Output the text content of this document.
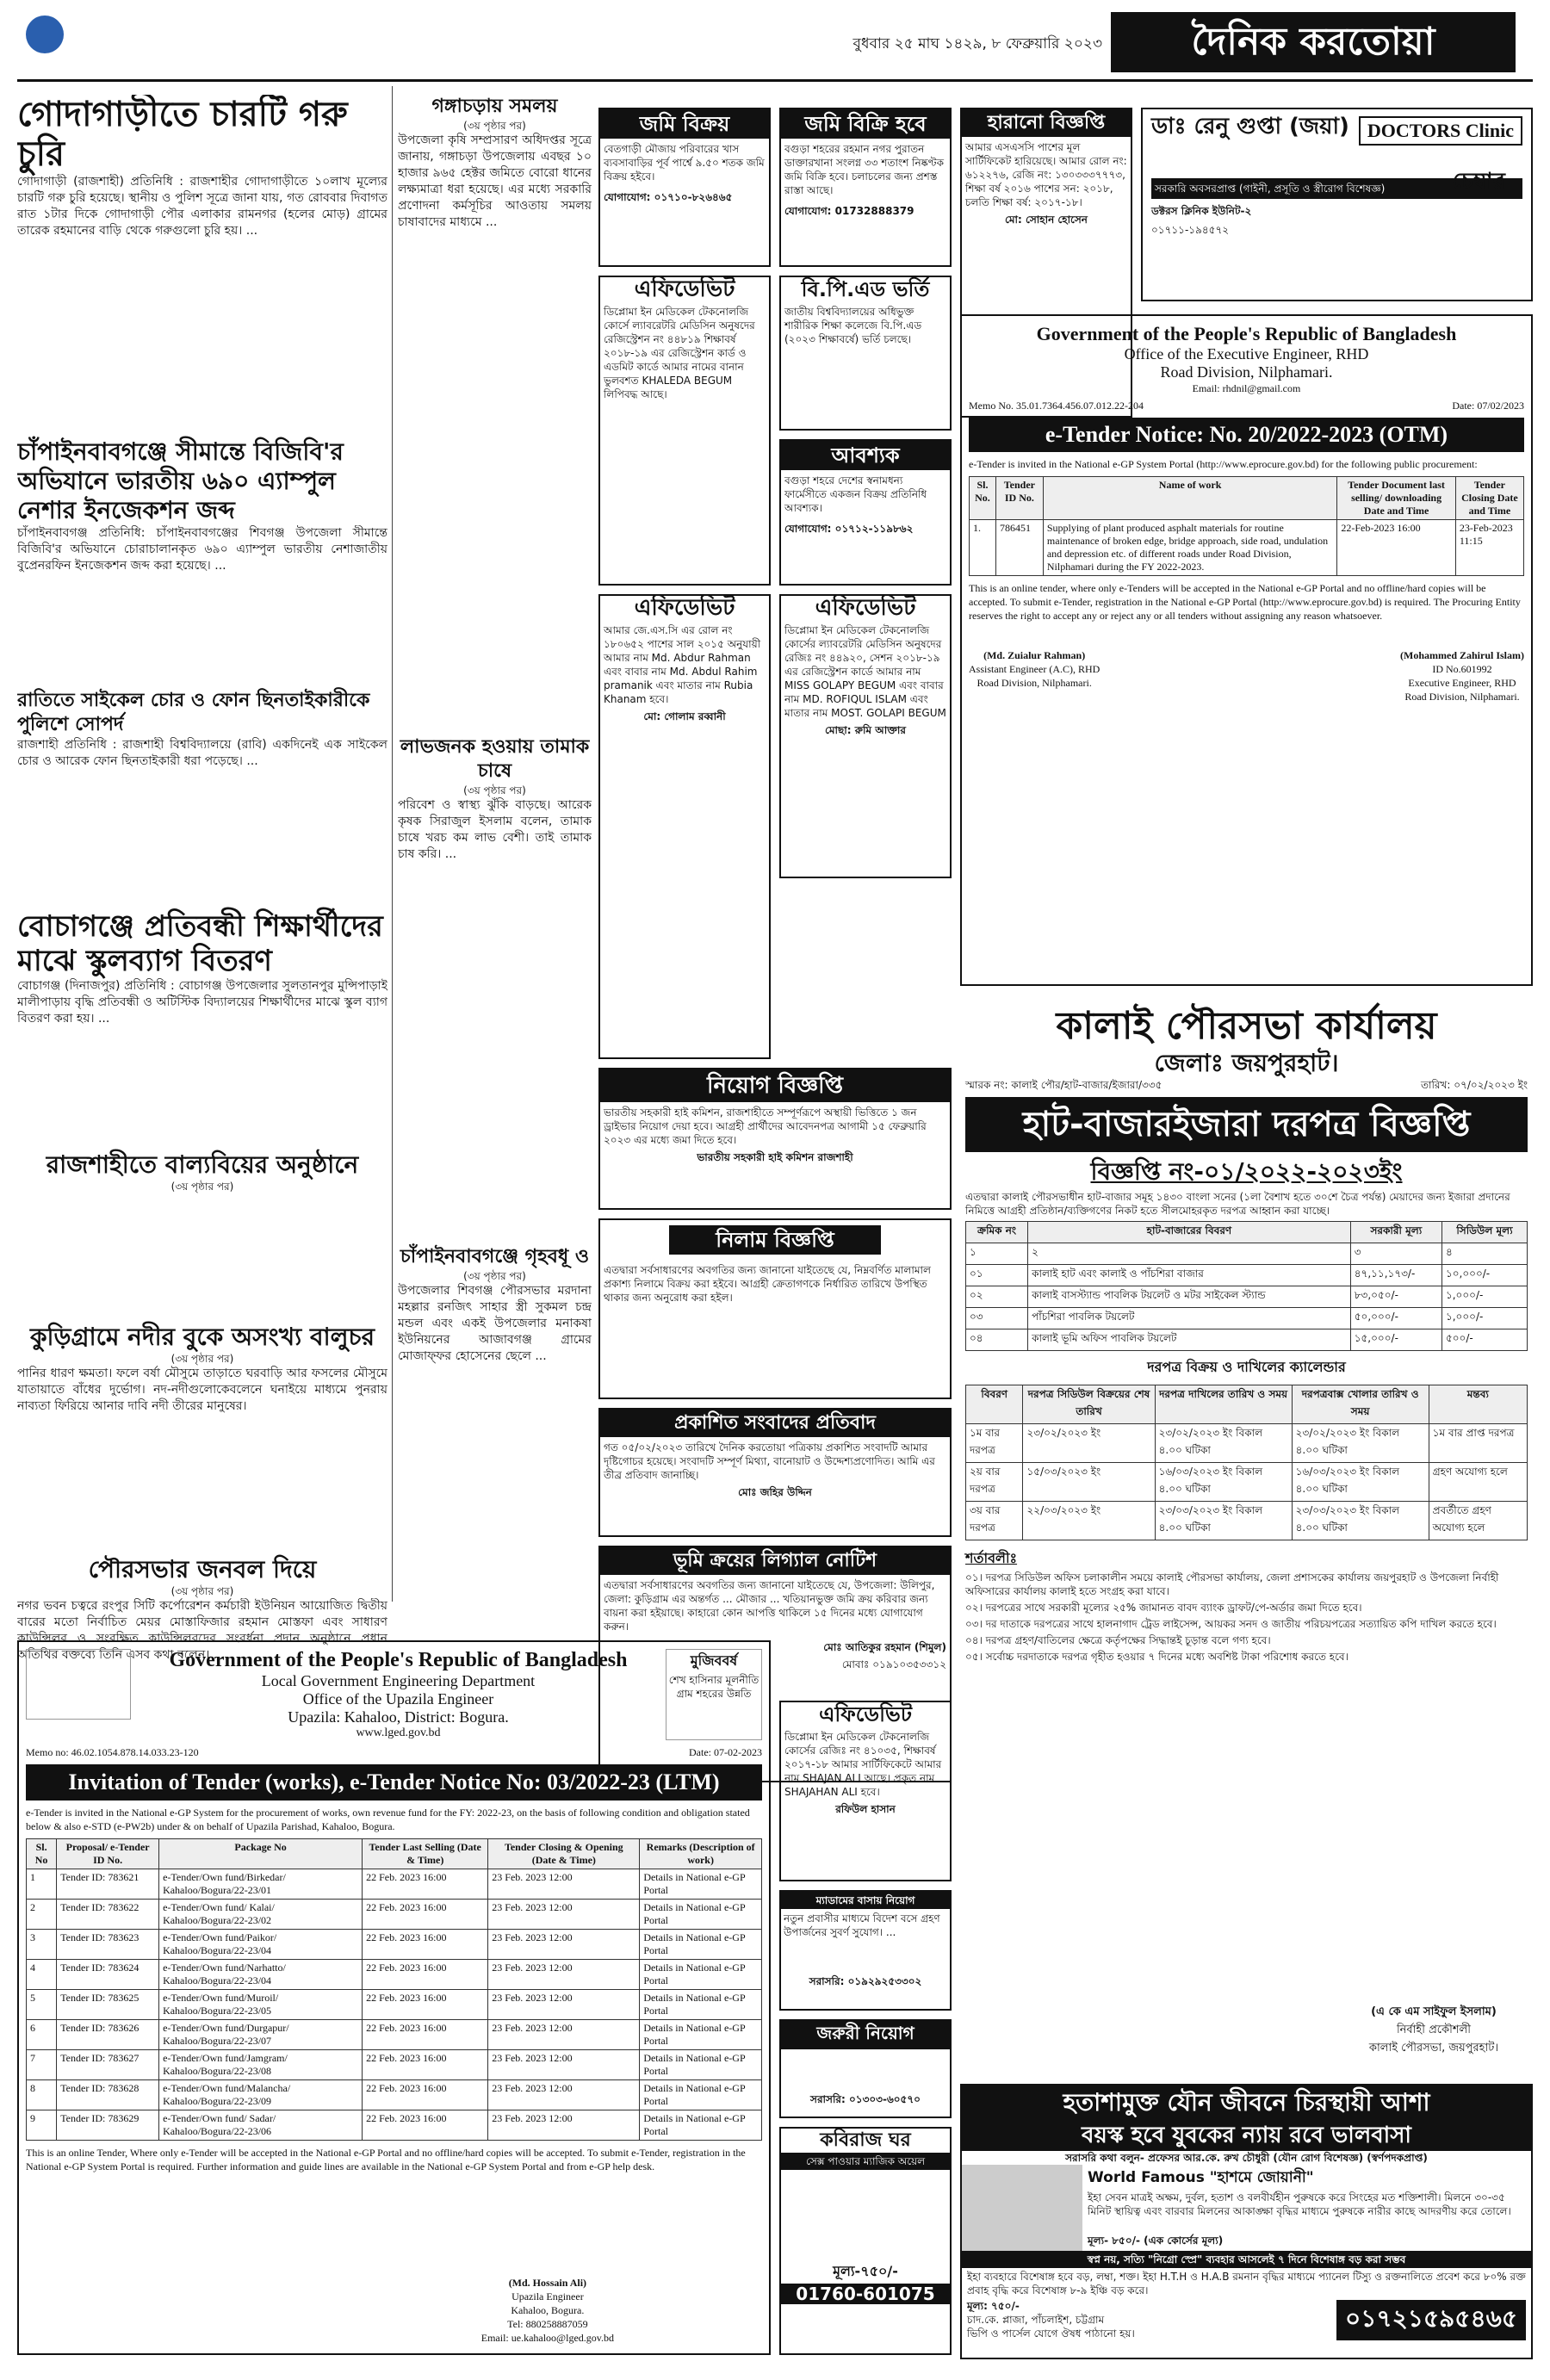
বুধবার ২৫ মাঘ ১৪২৯, ৮ ফেব্রুয়ারি ২০২৩	দৈনিক করতোয়া
গোদাগাড়ীতে চারটি গরু চুরি
গোদাগাড়ী (রাজশাহী) প্রতিনিধি : রাজশাহীর গোদাগাড়ীতে ১০লাখ মূল্যের চারটি গরু চুরি হয়েছে। স্থানীয় ও পুলিশ সূত্রে জানা যায়, গত রোববার দিবাগত রাত ১টার দিকে গোদাগাড়ী পৌর এলাকার রামনগর (হলের মোড়) গ্রামের তারেক রহমানের বাড়ি থেকে গরুগুলো চুরি হয়। ...
চাঁপাইনবাবগঞ্জে সীমান্তে বিজিবি'র অভিযানে ভারতীয় ৬৯০ এ্যাম্পুল নেশার ইনজেকশন জব্দ
চাঁপাইনবাবগঞ্জ প্রতিনিধি: চাঁপাইনবাবগঞ্জের শিবগঞ্জ উপজেলা সীমান্তে বিজিবি'র অভিযানে চোরাচালানকৃত ৬৯০ এ্যাম্পুল ভারতীয় নেশাজাতীয় বুপ্রেনরফিন ইনজেকশন জব্দ করা হয়েছে। ...
রাতিতে সাইকেল চোর ও ফোন ছিনতাইকারীকে পুলিশে সোপর্দ
রাজশাহী প্রতিনিধি : রাজশাহী বিশ্ববিদ্যালয়ে (রাবি) একদিনেই এক সাইকেল চোর ও আরেক ফোন ছিনতাইকারী ধরা পড়েছে। ...
বোচাগঞ্জে প্রতিবন্ধী শিক্ষার্থীদের মাঝে স্কুলব্যাগ বিতরণ
বোচাগঞ্জ (দিনাজপুর) প্রতিনিধি : বোচাগঞ্জ উপজেলার সুলতানপুর মুন্সিপাড়াই মালীপাড়ায় বৃদ্ধি প্রতিবন্ধী ও অটিস্টিক বিদ্যালয়ের শিক্ষার্থীদের মাঝে স্কুল ব্যাগ বিতরণ করা হয়। ...
রাজশাহীতে বাল্যবিয়ের অনুষ্ঠানে
(৩য় পৃষ্ঠার পর)
কুড়িগ্রামে নদীর বুকে অসংখ্য বালুচর
(৩য় পৃষ্ঠার পর)
পানির ধারণ ক্ষমতা। ফলে বর্ষা মৌসুমে তাড়াতে ঘরবাড়ি আর ফসলের মৌসুমে যাতায়াতে বাঁধের দুর্ভোগ। নদ-নদীগুলোকেবলেনে ঘনাইয়ে মাধ্যমে পুনরায় নাব্যতা ফিরিয়ে আনার দাবি নদী তীরের মানুষের।
পৌরসভার জনবল দিয়ে
(৩য় পৃষ্ঠার পর)
নগর ভবন চত্বরে রংপুর সিটি কর্পোরেশন কর্মচারী ইউনিয়ন আয়োজিত দ্বিতীয় বারের মতো নির্বাচিত মেয়র মোস্তাফিজার রহমান মোস্তফা এবং সাধারণ কাউন্সিলর ও সংরক্ষিত কাউন্সিলরদের সংবর্ধনা প্রদান অনুষ্ঠানে প্রধান অতিথির বক্তব্যে তিনি এসব কথা বলেন। ...
গঙ্গাচড়ায় সমলয়
(৩য় পৃষ্ঠার পর)
উপজেলা কৃষি সম্প্রসারণ অধিদপ্তর সূত্রে জানায়, গঙ্গাচড়া উপজেলায় এবছর ১০ হাজার ৯৬৫ হেক্টর জমিতে বোরো ধানের লক্ষ্যমাত্রা ধরা হয়েছে। এর মধ্যে সরকারি প্রণোদনা কর্মসূচির আওতায় সমলয় চাষাবাদের মাধ্যমে ...
লাভজনক হওয়ায় তামাক চাষে
(৩য় পৃষ্ঠার পর)
পরিবেশ ও স্বাস্থ্য ঝুঁকি বাড়ছে। আরেক কৃষক সিরাজুল ইসলাম বলেন, তামাক চাষে খরচ কম লাভ বেশী। তাই তামাক চাষ করি। ...
চাঁপাইনবাবগঞ্জে গৃহবধূ ও
(৩য় পৃষ্ঠার পর)
উপজেলার শিবগঞ্জ পৌরসভার মরদানা মহল্লার রনজিৎ সাহার স্ত্রী সুকমল চন্দ্র মন্ডল এবং একই উপজেলার মনাকষা ইউনিয়নের আজাবগঞ্জ গ্রামের মোজাফ্ফর হোসেনের ছেলে ...
জমি বিক্রয়
বেতগাড়ী মৌজায় পরিবারের খাস ব্যবসাবাড়ির পূর্ব পার্শ্বে ৯.৫০ শতক জমি বিক্রয় হইবে।
যোগাযোগ: ০১৭১০-৮২৬৪৬৫
এফিডেভিট
ডিপ্লোমা ইন মেডিকেল টেকনোলজি কোর্সে ল্যাবরেটরি মেডিসিন অনুষদের রেজিস্ট্রেশন নং ৪৪৮১৯ শিক্ষাবর্ষ ২০১৮-১৯ এর রেজিস্ট্রেশন কার্ড ও এডমিট কার্ডে আমার নামের বানান ভুলবশত KHALEDA BEGUM লিপিবদ্ধ আছে।
এফিডেভিট
আমার জে.এস.সি এর রোল নং ১৮০৬৫২ পাশের সাল ২০১৫ অনুযায়ী আমার নাম Md. Abdur Rahman এবং বাবার নাম Md. Abdul Rahim pramanik এবং মাতার নাম Rubia Khanam হবে।
মো: গোলাম রব্বানী
জমি বিক্রি হবে
বগুড়া শহরের রহমান নগর পুরাতন ডাক্তারখানা সংলগ্ন ৩৩ শতাংশ নিষ্কণ্টক জমি বিক্রি হবে। চলাচলের জন্য প্রশস্ত রাস্তা আছে।
যোগাযোগ: 01732888379
বি.পি.এড ভর্তি
জাতীয় বিশ্ববিদ্যালয়ের অধিভুক্ত শারীরিক শিক্ষা কলেজে বি.পি.এড (২০২৩ শিক্ষাবর্ষে) ভর্তি চলছে।
আবশ্যক
বগুড়া শহরে দেশের স্বনামধন্য ফার্মেসীতে একজন বিক্রয় প্রতিনিধি আবশ্যক।
যোগাযোগ: ০১৭১২-১১৯৮৬২
এফিডেভিট
ডিপ্লোমা ইন মেডিকেল টেকনোলজি কোর্সের ল্যাবরেটরি মেডিসিন অনুষদের রেজিঃ নং ৪৪৯২০, সেশন ২০১৮-১৯ এর রেজিস্ট্রেশন কার্ডে আমার নাম MISS GOLAPY BEGUM এবং বাবার নাম MD. ROFIQUL ISLAM এবং মাতার নাম MOST. GOLAPI BEGUM
মোছা: রুমি আক্তার
হারানো বিজ্ঞপ্তি
আমার এসএসসি পাশের মূল সার্টিফিকেট হারিয়েছে। আমার রোল নং: ৬১২২৭৬, রেজি নং: ১৩০৩৩৩৭৭৭৩, শিক্ষা বর্ষ ২০১৬ পাশের সন: ২০১৮, চলতি শিক্ষা বর্ষ: ২০১৭-১৮।
মো: সোহান হোসেন
ডাঃ রেনু গুপ্তা (জয়া) DOCTORS Clinic
চেম্বার
সরকারি অবসরপ্রাপ্ত (গাইনী, প্রসূতি ও স্ত্রীরোগ বিশেষজ্ঞ)
ডক্টরস ক্লিনিক ইউনিট-২
০১৭১১-১৯৪৫৭২
Government of the People's Republic of Bangladesh
Office of the Executive Engineer, RHD
Road Division, Nilphamari.
Email: rhdnil@gmail.com
Memo No. 35.01.7364.456.07.012.22-204	Date: 07/02/2023
e-Tender Notice: No. 20/2022-2023 (OTM)
e-Tender is invited in the National e-GP System Portal (http://www.eprocure.gov.bd) for the following public procurement:
Sl. No.	Tender ID No.	Name of work	Tender Document last selling/ downloading Date and Time	Tender Closing Date and Time
1.	786451	Supplying of plant produced asphalt materials for routine maintenance of broken edge, bridge approach, side road, undulation and depression etc. of different roads under Road Division, Nilphamari during the FY 2022-2023.	22-Feb-2023 16:00	23-Feb-2023 11:15
This is an online tender, where only e-Tenders will be accepted in the National e-GP Portal and no offline/hard copies will be accepted. To submit e-Tender, registration in the National e-GP Portal (http://www.eprocure.gov.bd) is required. The Procuring Entity reserves the right to accept any or reject any or all tenders without assigning any reason whatsoever.
(Md. Zuialur Rahman)
Assistant Engineer (A.C), RHD
Road Division, Nilphamari.
(Mohammed Zahirul Islam)
ID No.601992
Executive Engineer, RHD
Road Division, Nilphamari.
নিয়োগ বিজ্ঞপ্তি
ভারতীয় সহকারী হাই কমিশন, রাজশাহীতে সম্পূর্ণরূপে অস্থায়ী ভিত্তিতে ১ জন ড্রাইভার নিয়োগ দেয়া হবে। আগ্রহী প্রার্থীদের আবেদনপত্র আগামী ১৫ ফেব্রুয়ারি ২০২৩ এর মধ্যে জমা দিতে হবে।
ভারতীয় সহকারী হাই কমিশন রাজশাহী
নিলাম বিজ্ঞপ্তি
এতদ্বারা সর্বসাধারণের অবগতির জন্য জানানো যাইতেছে যে, নিম্নবর্ণিত মালামাল প্রকাশ্য নিলামে বিক্রয় করা হইবে। আগ্রহী ক্রেতাগণকে নির্ধারিত তারিখে উপস্থিত থাকার জন্য অনুরোধ করা হইল।
প্রকাশিত সংবাদের প্রতিবাদ
গত ০৫/০২/২০২৩ তারিখে দৈনিক করতোয়া পত্রিকায় প্রকাশিত সংবাদটি আমার দৃষ্টিগোচর হয়েছে। সংবাদটি সম্পূর্ণ মিথ্যা, বানোয়াট ও উদ্দেশ্যপ্রণোদিত। আমি এর তীব্র প্রতিবাদ জানাচ্ছি।
মোঃ জহির উদ্দিন
ভূমি ক্রয়ের লিগ্যাল নোটিশ
এতদ্বারা সর্বসাধারণের অবগতির জন্য জানানো যাইতেছে যে, উপজেলা: উলিপুর, জেলা: কুড়িগ্রাম এর অন্তর্গত ... মৌজার ... খতিয়ানভুক্ত জমি ক্রয় করিবার জন্য বায়না করা হইয়াছে। কাহারো কোন আপত্তি থাকিলে ১৫ দিনের মধ্যে যোগাযোগ করুন।
মোঃ আতিকুর রহমান (শিমুল)
মোবাঃ ০১৯১০৩৫৩৩১২
কালাই পৌরসভা কার্যালয়
জেলাঃ জয়পুরহাট।
স্মারক নং: কালাই পৌর/হাট-বাজার/ইজারা/৩৩৫	তারিখ: ০৭/০২/২০২৩ ইং
হাট-বাজারইজারা দরপত্র বিজ্ঞপ্তি
বিজ্ঞপ্তি নং-০১/২০২২-২০২৩ইং
এতদ্বারা কালাই পৌরসভাধীন হাট-বাজার সমূহ ১৪৩০ বাংলা সনের (১লা বৈশাখ হতে ৩০শে চৈত্র পর্যন্ত) মেয়াদের জন্য ইজারা প্রদানের নিমিত্তে আগ্রহী প্রতিষ্ঠান/ব্যক্তিগণের নিকট হতে সীলমোহরকৃত দরপত্র আহ্বান করা যাচ্ছে।
ক্রমিক নং	হাট-বাজারের বিবরণ	সরকারী মূল্য	সিডিউল মূল্য
১	২	৩	৪
০১	কালাই হাট এবং কালাই ও পাঁচশিরা বাজার	৪৭,১১,১৭৩/-	১০,০০০/-
০২	কালাই বাসস্ট্যান্ড পাবলিক টয়লেট ও মটর সাইকেল স্ট্যান্ড	৮৩,০৫০/-	১,০০০/-
০৩	পাঁচশিরা পাবলিক টয়লেট	৫০,০০০/-	১,০০০/-
০৪	কালাই ভূমি অফিস পাবলিক টয়লেট	১৫,০০০/-	৫০০/-
দরপত্র বিক্রয় ও দাখিলের ক্যালেন্ডার
বিবরণ	দরপত্র সিডিউল বিক্রয়ের শেষ তারিখ	দরপত্র দাখিলের তারিখ ও সময়	দরপত্রবাক্স খোলার তারিখ ও সময়	মন্তব্য
১ম বার দরপত্র	২৩/০২/২০২৩ ইং	২৩/০২/২০২৩ ইং বিকাল ৪.০০ ঘটিকা	২৩/০২/২০২৩ ইং বিকাল ৪.০০ ঘটিকা	১ম বার প্রাপ্ত দরপত্র
২য় বার দরপত্র	১৫/০৩/২০২৩ ইং	১৬/০৩/২০২৩ ইং বিকাল ৪.০০ ঘটিকা	১৬/০৩/২০২৩ ইং বিকাল ৪.০০ ঘটিকা	গ্রহণ অযোগ্য হলে
৩য় বার দরপত্র	২২/০৩/২০২৩ ইং	২৩/০৩/২০২৩ ইং বিকাল ৪.০০ ঘটিকা	২৩/০৩/২০২৩ ইং বিকাল ৪.০০ ঘটিকা	প্রবর্তীতে গ্রহণ অযোগ্য হলে
শর্তাবলীঃ
০১। দরপত্র সিডিউল অফিস চলাকালীন সময়ে কালাই পৌরসভা কার্যালয়, জেলা প্রশাসকের কার্যালয় জয়পুরহাট ও উপজেলা নির্বাহী অফিসারের কার্যালয় কালাই হতে সংগ্রহ করা যাবে।
০২। দরপত্রের সাথে সরকারী মূল্যের ২৫% জামানত বাবদ ব্যাংক ড্রাফট/পে-অর্ডার জমা দিতে হবে।
০৩। দর দাতাকে দরপত্রের সাথে হালনাগাদ ট্রেড লাইসেন্স, আয়কর সনদ ও জাতীয় পরিচয়পত্রের সত্যায়িত কপি দাখিল করতে হবে।
০৪। দরপত্র গ্রহণ/বাতিলের ক্ষেত্রে কর্তৃপক্ষের সিদ্ধান্তই চূড়ান্ত বলে গণ্য হবে।
০৫। সর্বোচ্চ দরদাতাকে দরপত্র গৃহীত হওয়ার ৭ দিনের মধ্যে অবশিষ্ট টাকা পরিশোধ করতে হবে।
(এ কে এম সাইফুল ইসলাম)
নির্বাহী প্রকৌশলী
কালাই পৌরসভা, জয়পুরহাট।
এফিডেভিট
ডিপ্লোমা ইন মেডিকেল টেকনোলজি কোর্সের রেজিঃ নং ৪১০৩৫, শিক্ষাবর্ষ ২০১৭-১৮ আমার সার্টিফিকেটে আমার নাম SHAJAN ALI আছে। প্রকৃত নাম SHAJAHAN ALI হবে।
রফিউল হাসান
Government of the People's Republic of Bangladesh
Local Government Engineering Department
Office of the Upazila Engineer
Upazila: Kahaloo, District: Bogura.
www.lged.gov.bd
মুজিববর্ষ
শেখ হাসিনার মূলনীতি গ্রাম শহরের উন্নতি
Memo no: 46.02.1054.878.14.033.23-120	Date: 07-02-2023
Invitation of Tender (works), e-Tender Notice No: 03/2022-23 (LTM)
e-Tender is invited in the National e-GP System for the procurement of works, own revenue fund for the FY: 2022-23, on the basis of following condition and obligation stated below & also e-STD (e-PW2b) under & on behalf of Upazila Parishad, Kahaloo, Bogura.
Sl. No	Proposal/ e-Tender ID No.	Package No	Tender Last Selling (Date & Time)	Tender Closing & Opening (Date & Time)	Remarks (Description of work)
1	Tender ID: 783621	e-Tender/Own fund/Birkedar/ Kahaloo/Bogura/22-23/01	22 Feb. 2023 16:00	23 Feb. 2023 12:00	Details in National e-GP Portal
2	Tender ID: 783622	e-Tender/Own fund/ Kalai/ Kahaloo/Bogura/22-23/02	22 Feb. 2023 16:00	23 Feb. 2023 12:00	Details in National e-GP Portal
3	Tender ID: 783623	e-Tender/Own fund/Paikor/ Kahaloo/Bogura/22-23/04	22 Feb. 2023 16:00	23 Feb. 2023 12:00	Details in National e-GP Portal
4	Tender ID: 783624	e-Tender/Own fund/Narhatto/ Kahaloo/Bogura/22-23/04	22 Feb. 2023 16:00	23 Feb. 2023 12:00	Details in National e-GP Portal
5	Tender ID: 783625	e-Tender/Own fund/Muroil/ Kahaloo/Bogura/22-23/05	22 Feb. 2023 16:00	23 Feb. 2023 12:00	Details in National e-GP Portal
6	Tender ID: 783626	e-Tender/Own fund/Durgapur/ Kahaloo/Bogura/22-23/07	22 Feb. 2023 16:00	23 Feb. 2023 12:00	Details in National e-GP Portal
7	Tender ID: 783627	e-Tender/Own fund/Jamgram/ Kahaloo/Bogura/22-23/08	22 Feb. 2023 16:00	23 Feb. 2023 12:00	Details in National e-GP Portal
8	Tender ID: 783628	e-Tender/Own fund/Malancha/ Kahaloo/Bogura/22-23/09	22 Feb. 2023 16:00	23 Feb. 2023 12:00	Details in National e-GP Portal
9	Tender ID: 783629	e-Tender/Own fund/ Sadar/ Kahaloo/Bogura/22-23/06	22 Feb. 2023 16:00	23 Feb. 2023 12:00	Details in National e-GP Portal
This is an online Tender, Where only e-Tender will be accepted in the National e-GP Portal and no offline/hard copies will be accepted. To submit e-Tender, registration in the National e-GP System Portal is required. Further information and guide lines are available in the National e-GP System Portal and from e-GP help desk.
(Md. Hossain Ali)
Upazila Engineer
Kahaloo, Bogura.
Tel: 880258887059
Email: ue.kahaloo@lged.gov.bd
ম্যাডামের বাসায় নিয়োগ
নতুন প্রবাসীর মাধ্যমে বিদেশ বসে গ্রহণ উপার্জনের সুবর্ণ সুযোগ। ...
সরাসরি: ০১৯২৯২৫৩৩০২
জরুরী নিয়োগ
সরাসরি: ০১৩০৩-৬০৫৭০
কবিরাজ ঘর
সেক্স পাওয়ার ম্যাজিক অয়েল
মূল্য-৭৫০/-
01760-601075
হতাশামুক্ত যৌন জীবনে চিরস্থায়ী আশা
বয়স্ক হবে যুবকের ন্যায় রবে ভালবাসা
সরাসরি কথা বলুন- প্রফেসর আর.কে. রুখ চৌধুরী (যৌন রোগ বিশেষজ্ঞ) (স্বর্ণপদকপ্রাপ্ত)
World Famous "হাশমে জোয়ানী"
ইহা সেবন মাত্রই অক্ষম, দুর্বল, হতাশ ও বলবীর্যহীন পুরুষকে করে সিংহের মত শক্তিশালী। মিলনে ৩০-৩৫ মিনিট স্থায়িত্ব এবং বারবার মিলনের আকাঙ্ক্ষা বৃদ্ধির মাধ্যমে পুরুষকে নারীর কাছে আদরণীয় করে তোলে।
মূল্য- ৮৫০/- (এক কোর্সের মূল্য)
স্বপ্ন নয়, সত্যি "নিগ্রো স্প্রে" ব্যবহার আসলেই ৭ দিনে বিশেষাঙ্গ বড় করা সম্ভব
ইহা ব্যবহারে বিশেষাঙ্গ হবে বড়, লম্বা, শক্ত। ইহা H.T.H ও H.A.B রমনান বৃদ্ধির মাধ্যমে প্যানেল টিস্যু ও রক্তনালিতে প্রবেশ করে ৮০% রক্ত প্রবাহ বৃদ্ধি করে বিশেষাঙ্গ ৮-৯ ইঞ্চি বড় করে।
মূল্য: ৭৫০/-
চাদ.কে. প্লাজা, পাঁচলাইশ, চট্টগ্রাম
ভিপি ও পার্সেল যোগে ঔষধ পাঠানো হয়।
০১৭২১৫৯৫৪৬৫
